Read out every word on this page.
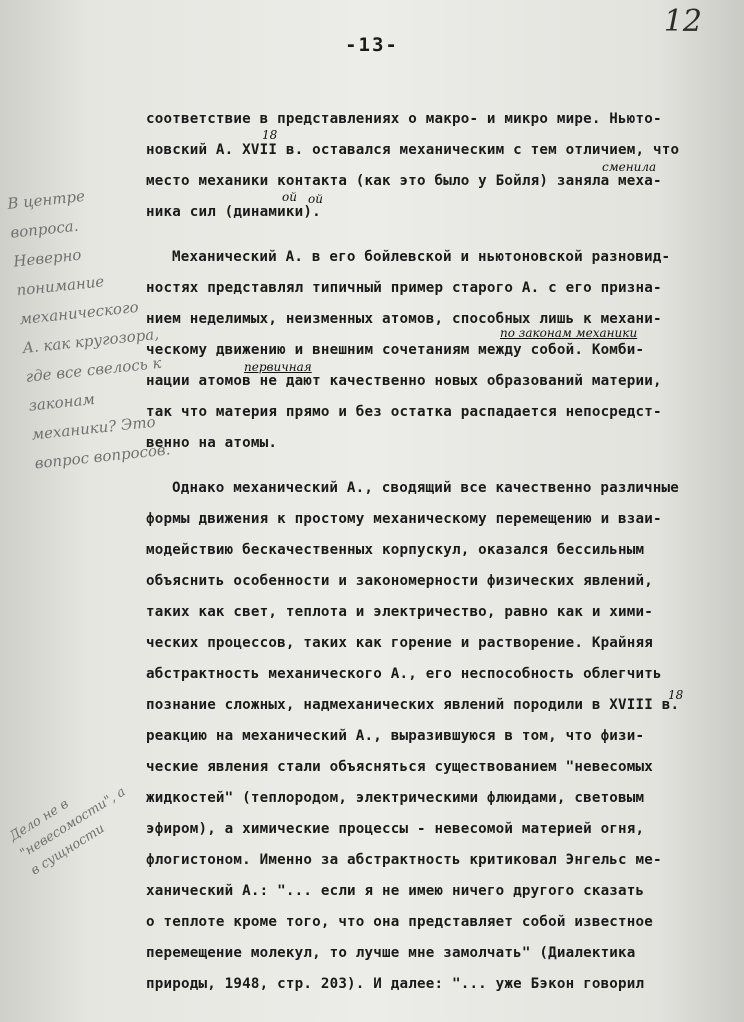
12
-13-
В центре вопроса. Неверно понимание механического А. как кругозора, где все свелось к законам механики? Это вопрос вопросов.
Дело не в "невесомости", а в сущности
18
сменила
ой ой
по законам механики
первичная
18
соответствие в представлениях о макро- и микро мире. Ньюто-
новский А. XVII в. оставался механическим с тем отличием, что
место механики контакта (как это было у Бойля) заняла меха-
ника сил (динамики).
Механический А. в его бойлевской и ньютоновской разновид-
ностях представлял типичный пример старого А. с его призна-
нием неделимых, неизменных атомов, способных лишь к механи-
ческому движению и внешним сочетаниям между собой. Комби-
нации атомов не дают качественно новых образований материи,
так что материя прямо и без остатка распадается непосредст-
венно на атомы.
Однако механический А., сводящий все качественно различные
формы движения к простому механическому перемещению и взаи-
модействию бескачественных корпускул, оказался бессильным
объяснить особенности и закономерности физических явлений,
таких как свет, теплота и электричество, равно как и хими-
ческих процессов, таких как горение и растворение. Крайняя
абстрактность механического А., его неспособность облегчить
познание сложных, надмеханических явлений породили в XVIII в.
реакцию на механический А., выразившуюся в том, что физи-
ческие явления стали объясняться существованием "невесомых
жидкостей" (теплородом, электрическими флюидами, световым
эфиром), а химические процессы - невесомой материей огня,
флогистоном. Именно за абстрактность критиковал Энгельс ме-
ханический А.: "... если я не имею ничего другого сказать
о теплоте кроме того, что она представляет собой известное
перемещение молекул, то лучше мне замолчать" (Диалектика
природы, 1948, стр. 203). И далее: "... уже Бэкон говорил
